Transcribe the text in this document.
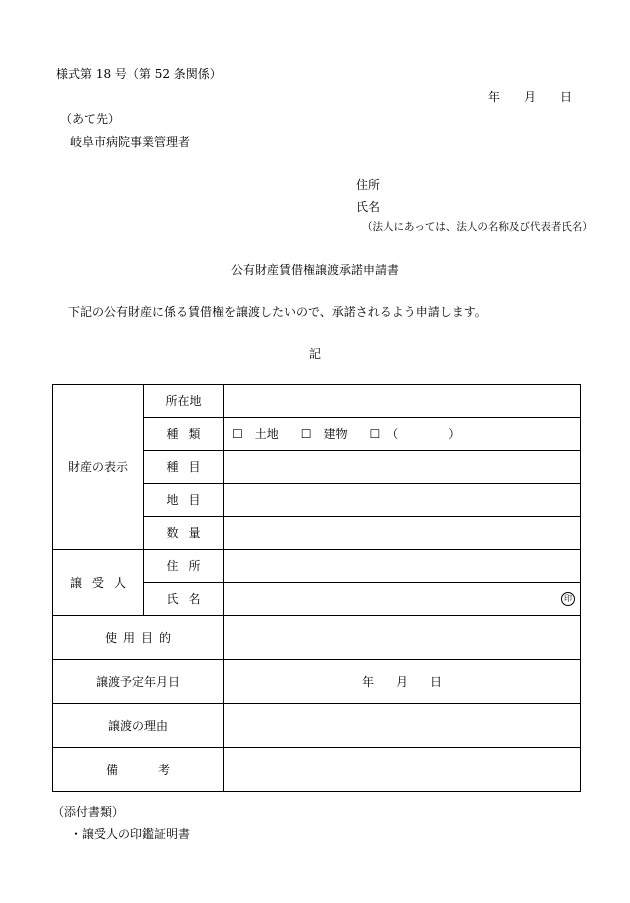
様式第 18 号（第 52 条関係）
年 月 日
（あて先）
岐阜市病院事業管理者
住所
氏名
（法人にあっては、法人の名称及び代表者氏名）
公有財産賃借権譲渡承諾申請書
下記の公有財産に係る賃借権を譲渡したいので、承諾されるよう申請します。
記
財産の表示	所在地	
	種類	☐　土地 ☐　建物 ☐　（ ）
	種目	
	地目	
	数量	
譲受人	住所	
	氏名	印

使用目的		
譲渡予定年月日		年 月 日
譲渡の理由		
備考		
（添付書類）
・譲受人の印鑑証明書
